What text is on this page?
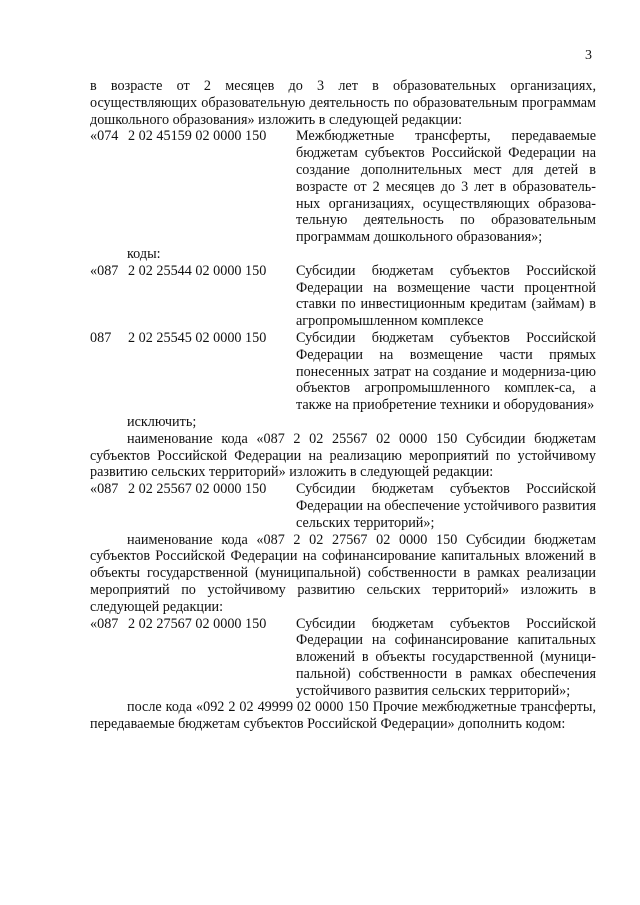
3

в возрасте от 2 месяцев до 3 лет в образовательных организациях, осуществляющих образовательную деятельность по образовательным программам дошкольного образования» изложить в следующей редакции:

«074 2 02 45159 02 0000 150	Межбюджетные трансферты, передаваемые бюджетам субъектов Российской Федерации на создание дополнительных мест для детей в возрасте от 2 месяцев до 3 лет в образователь-ных организациях, осуществляющих образова-тельную деятельность по образовательным программам дошкольного образования»;

коды:

«087 2 02 25544 02 0000 150	Субсидии бюджетам субъектов Российской Федерации на возмещение части процентной ставки по инвестиционным кредитам (займам) в агропромышленном комплексе
087	2 02 25545 02 0000 150	Субсидии бюджетам субъектов Российской Федерации на возмещение части прямых понесенных затрат на создание и модерниза-цию объектов агропромышленного комплек-са, а также на приобретение техники и оборудования»

исключить;

наименование кода «087 2 02 25567 02 0000 150 Субсидии бюджетам субъектов Российской Федерации на реализацию мероприятий по устойчивому развитию сельских территорий» изложить в следующей редакции:

«087 2 02 25567 02 0000 150	Субсидии бюджетам субъектов Российской Федерации на обеспечение устойчивого развития сельских территорий»;

наименование кода «087 2 02 27567 02 0000 150 Субсидии бюджетам субъектов Российской Федерации на софинансирование капитальных вложений в объекты государственной (муниципальной) собственности в рамках реализации мероприятий по устойчивому развитию сельских территорий» изложить в следующей редакции:

«087 2 02 27567 02 0000 150	Субсидии бюджетам субъектов Российской Федерации на софинансирование капитальных вложений в объекты государственной (муници-пальной) собственности в рамках обеспечения устойчивого развития сельских территорий»;

после кода «092 2 02 49999 02 0000 150 Прочие межбюджетные трансферты, передаваемые бюджетам субъектов Российской Федерации» дополнить кодом:
